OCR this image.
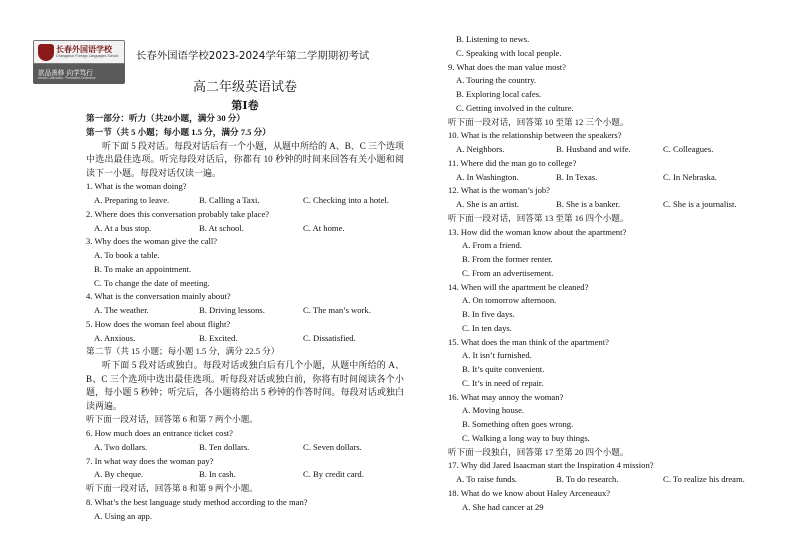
长春外国语学校
Changchun Foreign Languages School
欲品善修 向学笃行
Moral Cultivation, Persistent Endeavor
长春外国语学校2023-2024学年第二学期期初考试
高二年级英语试卷
第Ⅰ卷
第一部分：听力（共20小题，满分 30 分）
第一节（共 5 小题；每小题 1.5 分，满分 7.5 分）
听下面 5 段对话。每段对话后有一个小题，从题中所给的 A、B、C 三个选项中选出最佳选项。听完每段对话后，你都有 10 秒钟的时间来回答有关小题和阅读下一小题。每段对话仅读一遍。
1. What is the woman doing?
A. Preparing to leave.	B. Calling a Taxi.	C. Checking into a hotel.
2. Where does this conversation probably take place?
A. At a bus stop.	B. At school.	C. At home.
3. Why does the woman give the call?
A. To book a table.
B. To make an appointment.
C. To change the date of meeting.
4. What is the conversation mainly about?
A. The weather.	B. Driving lessons.	C. The man’s work.
5. How does the woman feel about flight?
A. Anxious.	B. Excited.	C. Dissatisfied.
第二节（共 15 小题；每小题 1.5 分，满分 22.5 分）
听下面 5 段对话或独白。每段对话或独白后有几个小题，从题中所给的 A、B、C 三个选项中选出最佳选项。听每段对话或独白前，你将有时间阅读各个小题，每小题 5 秒钟；听完后，各小题将给出 5 秒钟的作答时间。每段对话或独白读两遍。
听下面一段对话，回答第 6 和第 7 两个小题。
6. How much does an entrance ticket cost?
A. Two dollars.	B. Ten dollars.	C. Seven dollars.
7. In what way does the woman pay?
A. By cheque.	B. In cash.	C. By credit card.
听下面一段对话，回答第 8 和第 9 两个小题。
8. What’s the best language study method according to the man?
A. Using an app.
B. Listening to news.
C. Speaking with local people.
9. What does the man value most?
A. Touring the country.
B. Exploring local cafes.
C. Getting involved in the culture.
听下面一段对话，回答第 10 至第 12 三个小题。
10. What is the relationship between the speakers?
A. Neighbors.	B. Husband and wife.	C. Colleagues.
11. Where did the man go to college?
A. In Washington.	B. In Texas.	C. In Nebraska.
12. What is the woman’s job?
A. She is an artist.	B. She is a banker.	C. She is a journalist.
听下面一段对话，回答第 13 至第 16 四个小题。
13. How did the woman know about the apartment?
A. From a friend.
B. From the former renter.
C. From an advertisement.
14. When will the apartment be cleaned?
A. On tomorrow afternoon.
B. In five days.
C. In ten days.
15. What does the man think of the apartment?
A. It isn’t furnished.
B. It’s quite convenient.
C. It’s in need of repair.
16. What may annoy the woman?
A. Moving house.
B. Something often goes wrong.
C. Walking a long way to buy things.
听下面一段独白，回答第 17 至第 20 四个小题。
17. Why did Jared Isaacman start the Inspiration 4 mission?
A. To raise funds.	B. To do research.	C. To realize his dream.
18. What do we know about Haley Arceneaux?
A. She had cancer at 29
